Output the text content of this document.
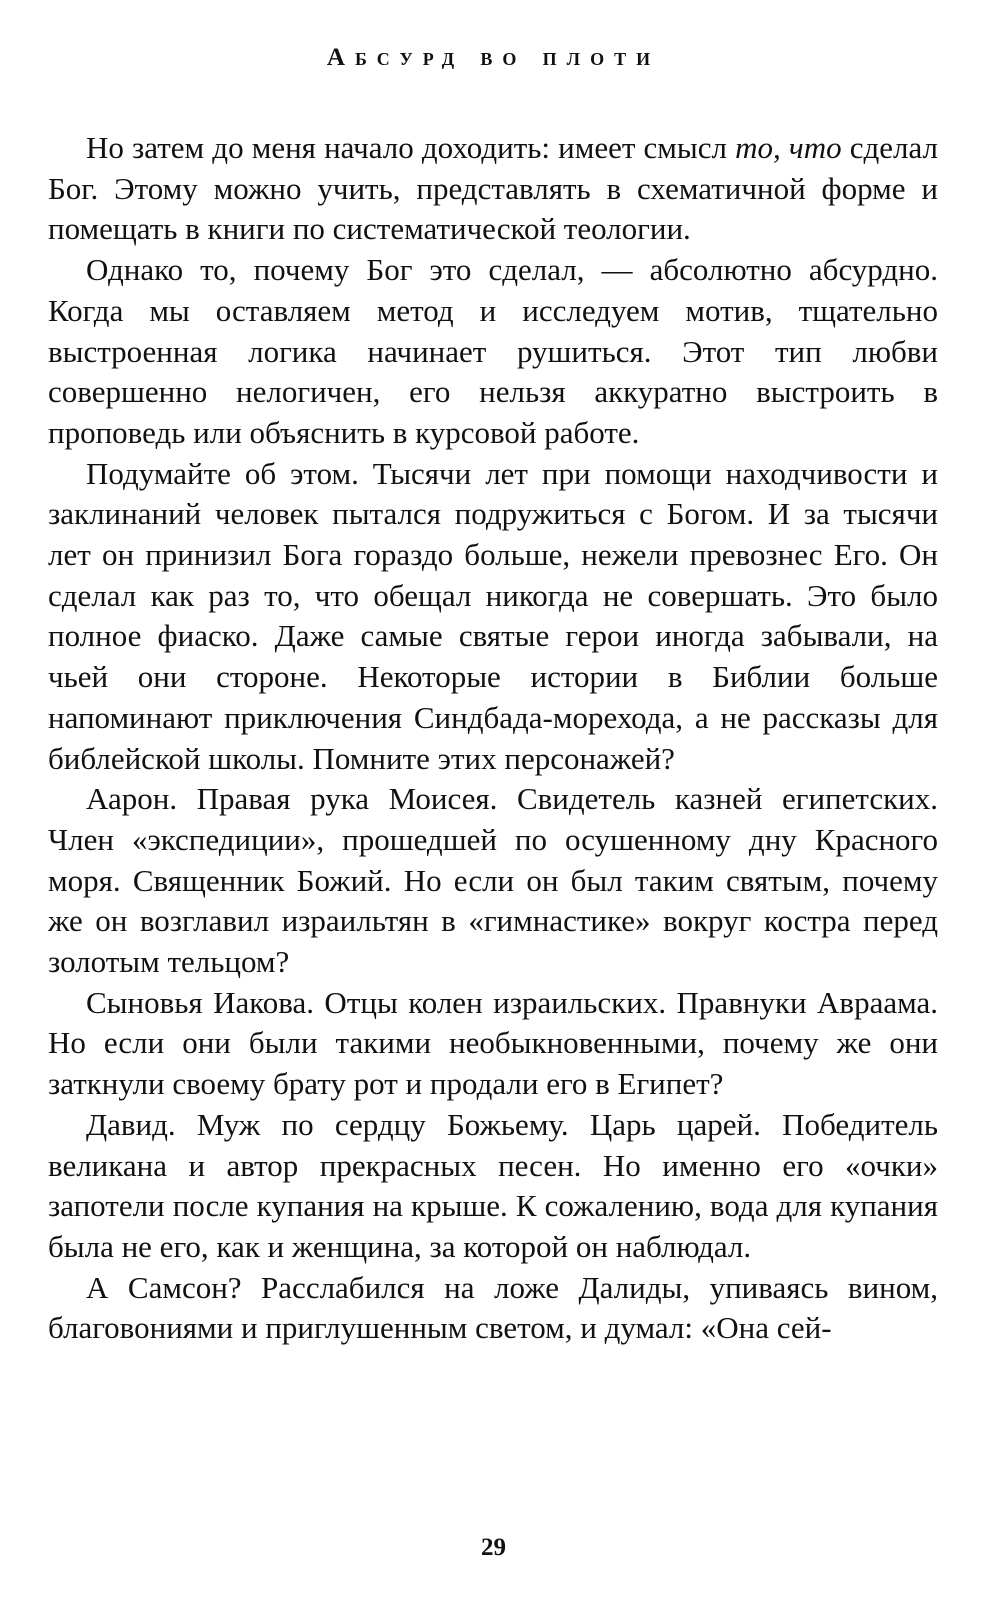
Абсурд во плоти

Но затем до меня начало доходить: имеет смысл то, что сделал Бог. Этому можно учить, представлять в схематичной форме и помещать в книги по систематической теологии.

Однако то, почему Бог это сделал, — абсолютно абсурдно. Когда мы оставляем метод и исследуем мотив, тщательно выстроенная логика начинает рушиться. Этот тип любви совершенно нелогичен, его нельзя аккуратно выстроить в проповедь или объяснить в курсовой работе.

Подумайте об этом. Тысячи лет при помощи находчивости и заклинаний человек пытался подружиться с Богом. И за тысячи лет он принизил Бога гораздо больше, нежели превознес Его. Он сделал как раз то, что обещал никогда не совершать. Это было полное фиаско. Даже самые святые герои иногда забывали, на чьей они стороне. Некоторые истории в Библии больше напоминают приключения Синдбада-морехода, а не рассказы для библейской школы. Помните этих персонажей?

Аарон. Правая рука Моисея. Свидетель казней египетских. Член «экспедиции», прошедшей по осушенному дну Красного моря. Священник Божий. Но если он был таким святым, почему же он возглавил израильтян в «гимнастике» вокруг костра перед золотым тельцом?

Сыновья Иакова. Отцы колен израильских. Правнуки Авраама. Но если они были такими необыкновенными, почему же они заткнули своему брату рот и продали его в Египет?

Давид. Муж по сердцу Божьему. Царь царей. Победитель великана и автор прекрасных песен. Но именно его «очки» запотели после купания на крыше. К сожалению, вода для купания была не его, как и женщина, за которой он наблюдал.

А Самсон? Расслабился на ложе Далиды, упиваясь вином, благовониями и приглушенным светом, и думал: «Она сей-

29
